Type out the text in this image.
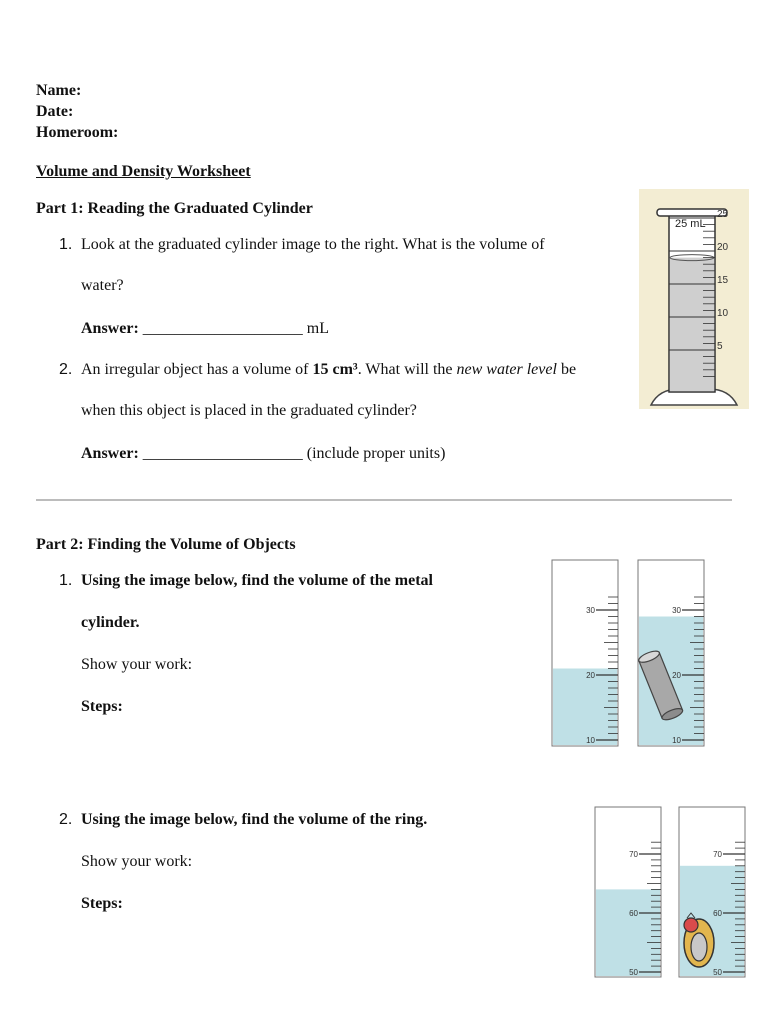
Name:
Date:
Homeroom:
Volume and Density Worksheet
Part 1: Reading the Graduated Cylinder
1. Look at the graduated cylinder image to the right. What is the volume of
water?
Answer: ____________________ mL
2. An irregular object has a volume of 15 cm³. What will the new water level be
when this object is placed in the graduated cylinder?
Answer: ____________________ (include proper units)
25 mL
25
20
15
10
5
Part 2: Finding the Volume of Objects
1. Using the image below, find the volume of the metal
cylinder.
Show your work:
Steps:
2. Using the image below, find the volume of the ring.
Show your work:
Steps:
30
20
10
30
20
10
70
60
50
70
60
50
